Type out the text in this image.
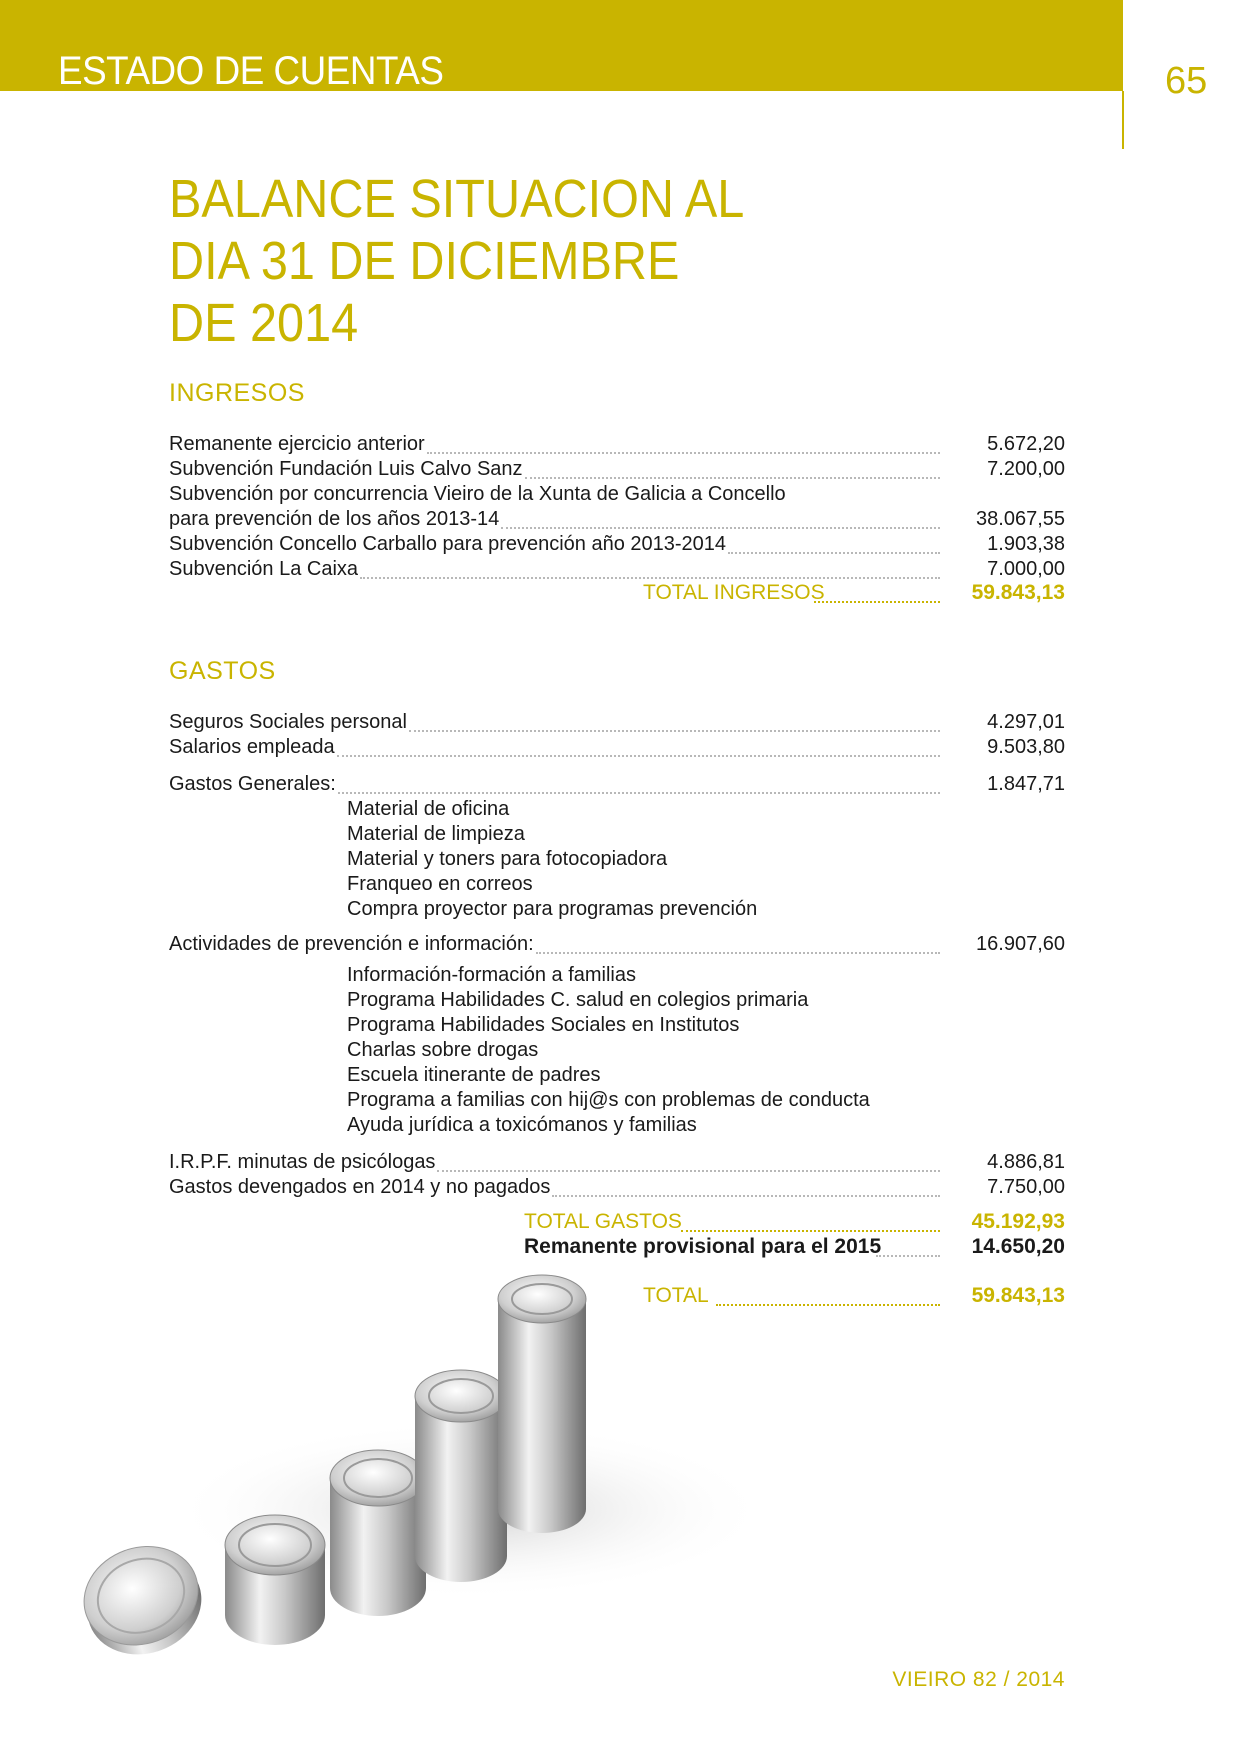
ESTADO DE CUENTAS	65
BALANCE SITUACION AL
DIA 31 DE DICIEMBRE
DE 2014
INGRESOS
Remanente ejercicio anterior	5.672,20
Subvención Fundación Luis Calvo Sanz	7.200,00
Subvención por concurrencia Vieiro de la Xunta de Galicia a Concello
para prevención de los años 2013-14	38.067,55
Subvención Concello Carballo para prevención año 2013-2014	1.903,38
Subvención La Caixa	7.000,00
TOTAL INGRESOS	59.843,13
GASTOS
Seguros Sociales personal	4.297,01
Salarios empleada	9.503,80
Gastos Generales:	1.847,71
Material de oficina
Material de limpieza
Material y toners para fotocopiadora
Franqueo en correos
Compra proyector para programas prevención
Actividades de prevención e información:	16.907,60
Información-formación a familias
Programa Habilidades C. salud en colegios primaria
Programa Habilidades Sociales en Institutos
Charlas sobre drogas
Escuela itinerante de padres
Programa a familias con hij@s con problemas de conducta
Ayuda jurídica a toxicómanos y familias
I.R.P.F. minutas de psicólogas	4.886,81
Gastos devengados en 2014 y no pagados	7.750,00
TOTAL GASTOS	45.192,93
Remanente provisional para el 2015	14.650,20
TOTAL	59.843,13
VIEIRO 82 / 2014
